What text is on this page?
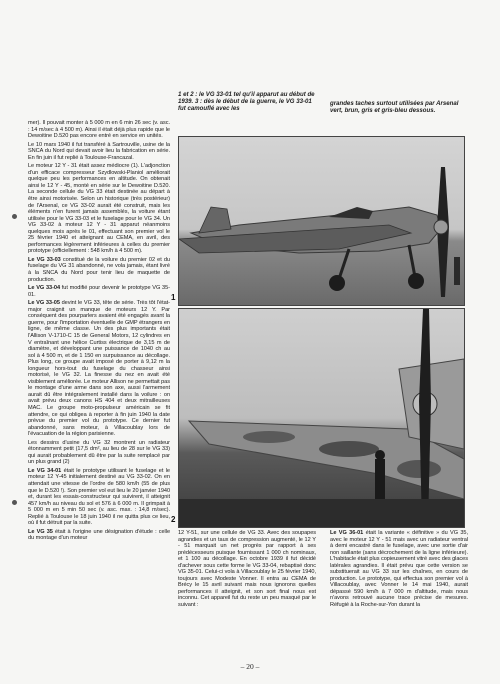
1 et 2 : le VG 33-01 tel qu'il apparut au début de 1939. 3 : dès le début de la guerre, le VG 33-01 fut camouflé avec les
grandes taches surtout utilisées par Arsenal vert, brun, gris et gris-bleu dessous.

mer). Il pouvait monter à 5 000 m en 6 min 26 sec (v. asc. : 14 m/sec à 4 500 m). Ainsi il était déjà plus rapide que le Dewoitine D.520 pas encore entré en service en unités.

Le 10 mars 1940 il fut transféré à Sartrouville, usine de la SNCA du Nord qui devait avoir lieu la fabrication en série. En fin juin il fut replié à Toulouse-Francazal.

Le moteur 12 Y - 31 était assez médiocre (1). L'adjonction d'un efficace compresseur Szydlowski-Planiol améliorait quelque peu les performances en altitude. On obtenait ainsi le 12 Y - 45, monté en série sur le Dewoitine D.520. La seconde cellule du VG 33 était destinée au départ à être ainsi motorisée. Selon un historique (très postérieur) de l'Arsenal, ce VG 33-02 aurait été construit, mais les éléments n'en furent jamais assemblés, la voiture étant utilisée pour le VG 33-03 et le fuselage pour le VG 34. Un VG 33-02 à moteur 12 Y - 31 apparut néanmoins quelques mois après le 01, effectuant son premier vol le 25 février 1940 et atteignant au CEMA, en avril, des performances légèrement inférieures à celles du premier prototype (officiellement : 548 km/h à 4 500 m).

Le VG 33-03 constitué de la voilure du premier 02 et du fuselage du VG 31 abandonné, ne vola jamais, étant livré à la SNCA du Nord pour tenir lieu de maquette de production.

Le VG 33-04 fut modifié pour devenir le prototype VG 35-01.

Le VG 33-05 devint le VG 33, tête de série. Très tôt l'état-major craignit un manque de moteurs 12 Y. Par conséquent des pourparlers avaient été engagés avant la guerre, pour l'importation éventuelle de GMP étrangers en ligne, de même classe. Un des plus importants était l'Allison V-1710-C 15 de General Motors, 12 cylindres en V entraînant une hélice Curtiss électrique de 3,15 m de diamètre, et développant une puissance de 1040 ch au sol à 4 500 m, et de 1 150 en surpuissance au décollage. Plus long, ce groupe avait imposé de porter à 9,12 m la longueur hors-tout du fuselage du chasseur ainsi motorisé, le VG 32. La finesse du nez en avait été visiblement améliorée. Le moteur Allison ne permettait pas le montage d'une arme dans son axe, aussi l'armement aurait dû être intégralement installé dans la voilure : on avait prévu deux canons HS 404 et deux mitrailleuses MAC. Le groupe moto-propulseur américain se fit attendre, ce qui obligea à reporter à fin juin 1940 la date prévue du premier vol du prototype. Ce dernier fut abandonné, sans moteur, à Villacoublay lors de l'évacuation de la région parisienne.

Les dessins d'usine du VG 32 montrent un radiateur étonnamment petit (17,5 dm², au lieu de 28 sur le VG 33) qui aurait probablement dû être par la suite remplacé par un plus grand (2)

Le VG 34-01 était le prototype utilisant le fuselage et le moteur 12 Y-45 initialement destiné au VG 33-02. On en attendait une vitesse de l'ordre de 580 km/h (55 de plus que le D.520 !). Son premier vol eut lieu le 20 janvier 1940 et, durant les essais-constructeur qui suivirent, il atteignit 457 km/h au niveau du sol et 576 à 6 000 m. Il grimpait à 5 000 m en 5 min 50 sec (v. asc. max. : 14,8 m/sec). Replié à Toulouse le 18 juin 1940 il ne quitta plus ce lieu, où il fut détruit par la suite.

Le VG 35 était à l'origine une désignation d'étude : celle du montage d'un moteur

1
2

12 Y-51, sur une cellule de VG 33. Avec des soupapes agrandies et un taux de compression augmenté, le 12 Y - 51 marquait un net progrès par rapport à ses prédécesseurs puisque fournissant 1 000 ch nominaux, et 1 100 au décollage. En octobre 1939 il fut décidé d'achever sous cette forme le VG 33-04, rebaptisé donc VG 35-01. Celui-ci vola à Villacoublay le 25 février 1940, toujours avec Modeste Vonner. Il entra au CEMA de Brécy le 15 avril suivant mais nous ignorons quelles performances il atteignit, et son sort final nous est inconnu. Cet appareil fut du reste un peu masqué par le suivant :

Le VG 36-01 était la variante « définitive » du VG 35, avec le moteur 12 Y - 51 mais avec un radiateur ventral à demi encastré dans le fuselage, avec une sortie d'air non saillante (sans décrochement de la ligne inférieure). L'habitacle était plus copieusement vitré avec des glaces latérales agrandies. Il était prévu que cette version se substituerait au VG 33 sur les chaînes, en cours de production. Le prototype, qui effectua son premier vol à Villacoublay, avec Vonner le 14 mai 1940, aurait dépassé 590 km/h à 7 000 m d'altitude, mais nous n'avons retrouvé aucune trace précise de mesures. Réfugié à la Roche-sur-Yon durant la

– 20 –
